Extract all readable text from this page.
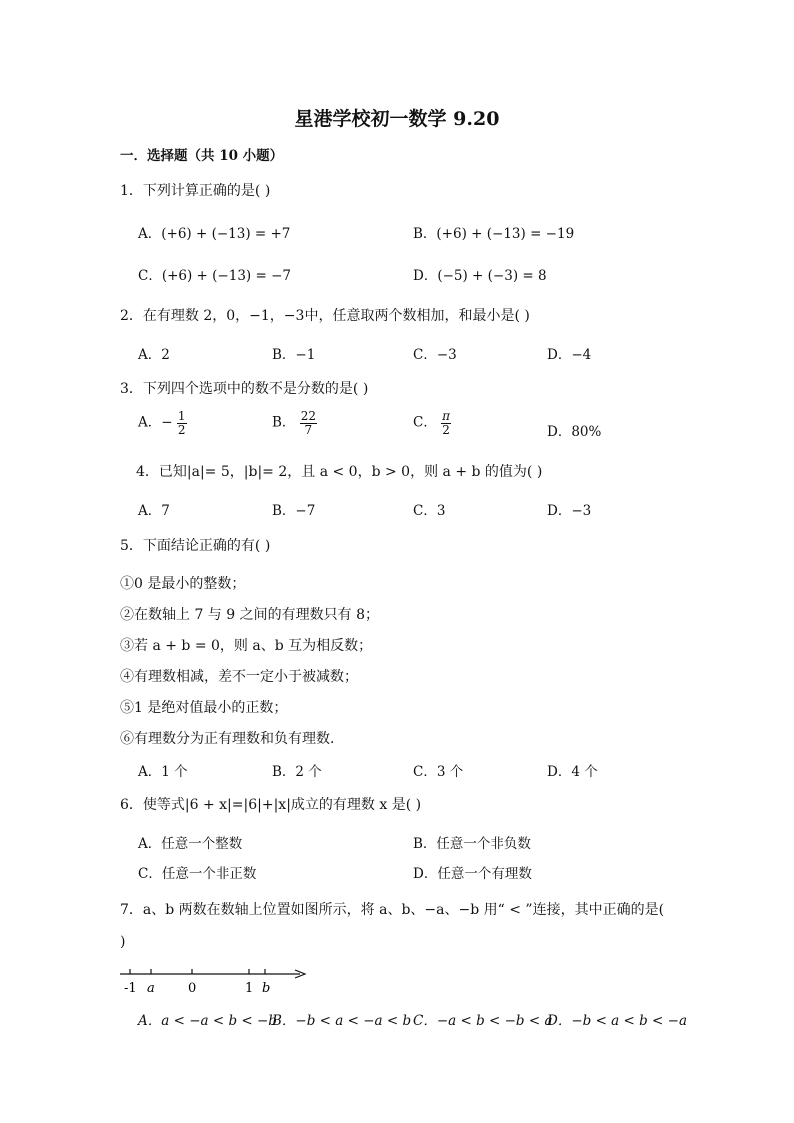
星港学校初一数学 9.20
一．选择题（共 10 小题）
1．下列计算正确的是( )
A．(+6) + (−13) = +7	B．(+6) + (−13) = −19
C．(+6) + (−13) = −7	D．(−5) + (−3) = 8
2．在有理数 2，0，−1，−3中，任意取两个数相加，和最小是( )
A．2	B．−1	C．−3	D．−4
3．下列四个选项中的数不是分数的是( )
A．− $\frac{1}{2}$	B． $\frac{22}{7}$	C． $\frac{\pi}{2}$	D．80%
4．已知|a|= 5，|b|= 2，且 a < 0，b > 0，则 a + b 的值为( )
A．7	B．−7	C．3	D．−3
5．下面结论正确的有( )
①0 是最小的整数；
②在数轴上 7 与 9 之间的有理数只有 8；
③若 a + b = 0，则 a、b 互为相反数；
④有理数相减，差不一定小于被减数；
⑤1 是绝对值最小的正数；
⑥有理数分为正有理数和负有理数．
A．1 个	B．2 个	C．3 个	D．4 个
6．使等式|6 + x|=|6|+|x|成立的有理数 x 是( )
A．任意一个整数	B．任意一个非负数
C．任意一个非正数	D．任意一个有理数
7．a、b 两数在数轴上位置如图所示，将 a、b、−a、−b 用“ < ”连接，其中正确的是(
)
-1 a	0	1 b
A．a < −a < b < −b
B．−b < a < −a < b C．−a < b < −b < a
D．−b < a < b < −a
